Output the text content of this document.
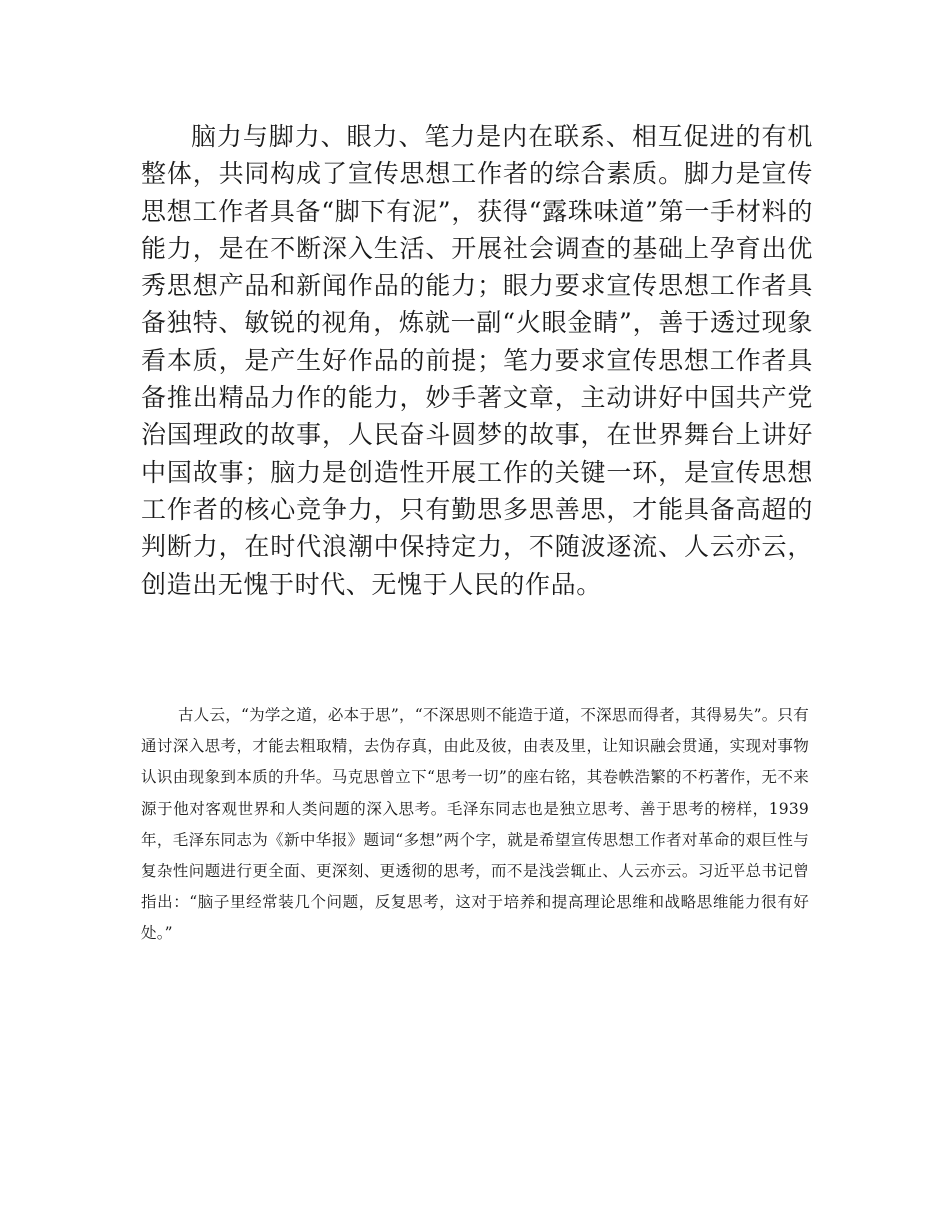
脑力与脚力、眼力、笔力是内在联系、相互促进的有机整体，共同构成了宣传思想工作者的综合素质。脚力是宣传思想工作者具备“脚下有泥”，获得“露珠味道”第一手材料的能力，是在不断深入生活、开展社会调查的基础上孕育出优秀思想产品和新闻作品的能力；眼力要求宣传思想工作者具备独特、敏锐的视角，炼就一副“火眼金睛”，善于透过现象看本质，是产生好作品的前提；笔力要求宣传思想工作者具备推出精品力作的能力，妙手著文章，主动讲好中国共产党治国理政的故事，人民奋斗圆梦的故事，在世界舞台上讲好中国故事；脑力是创造性开展工作的关键一环，是宣传思想工作者的核心竞争力，只有勤思多思善思，才能具备高超的判断力，在时代浪潮中保持定力，不随波逐流、人云亦云，创造出无愧于时代、无愧于人民的作品。

古人云，“为学之道，必本于思”，“不深思则不能造于道，不深思而得者，其得易失”。只有通讨深入思考，才能去粗取精，去伪存真，由此及彼，由表及里，让知识融会贯通，实现对事物认识由现象到本质的升华。马克思曾立下“思考一切”的座右铭，其卷帙浩繁的不朽著作，无不来源于他对客观世界和人类问题的深入思考。毛泽东同志也是独立思考、善于思考的榜样，1939 年，毛泽东同志为《新中华报》题词“多想”两个字，就是希望宣传思想工作者对革命的艰巨性与复杂性问题进行更全面、更深刻、更透彻的思考，而不是浅尝辄止、人云亦云。习近平总书记曾指出：“脑子里经常装几个问题，反复思考，这对于培养和提高理论思维和战略思维能力很有好处。”
